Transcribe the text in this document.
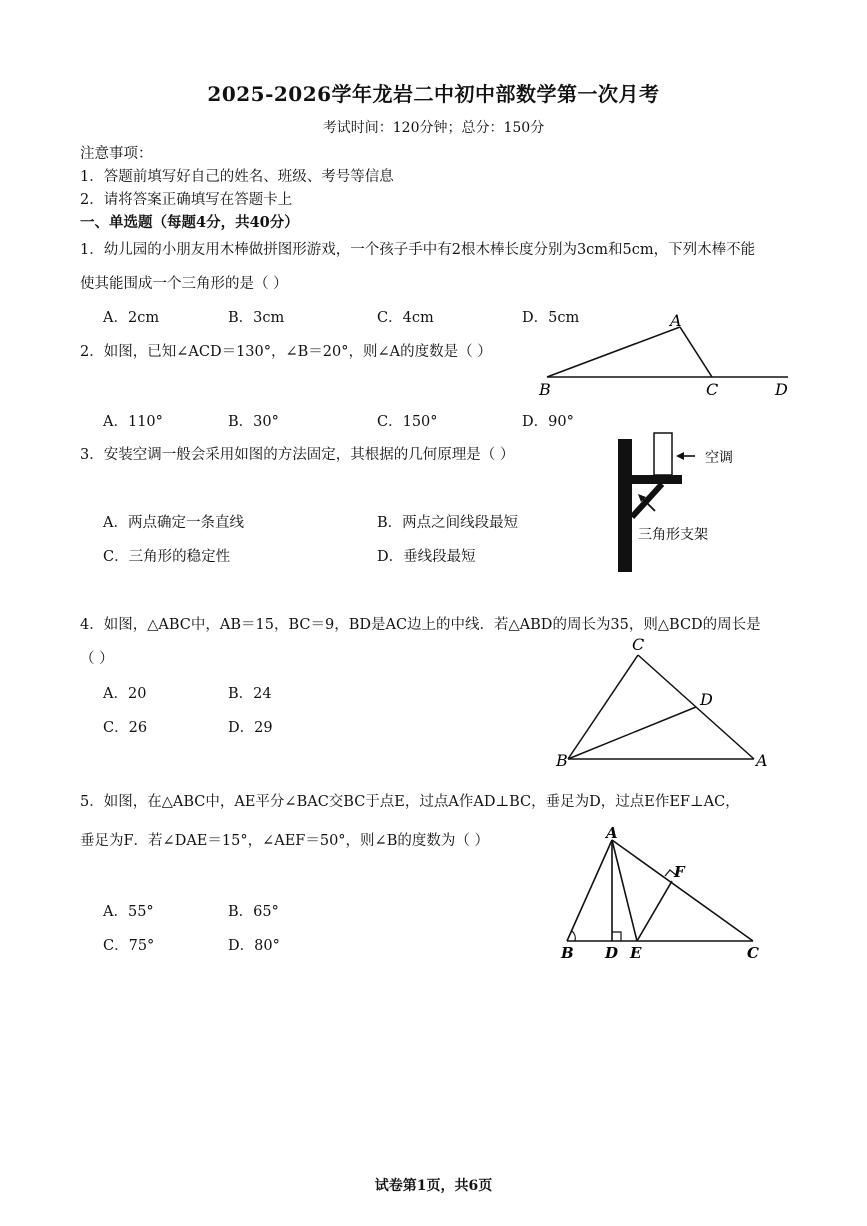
2025-2026学年龙岩二中初中部数学第一次月考
考试时间：120分钟；总分：150分
注意事项：
1．答题前填写好自己的姓名、班级、考号等信息
2．请将答案正确填写在答题卡上
一、单选题（每题4分，共40分）
1．幼儿园的小朋友用木棒做拼图形游戏，一个孩子手中有2根木棒长度分别为3cm和5cm，下列木棒不能
使其能围成一个三角形的是（ ）
A．2cm	B．3cm	C．4cm	D．5cm
2．如图，已知∠ACD＝130°，∠B＝20°，则∠A的度数是（ ）
A
B	C	D
A．110°	B．30°	C．150°	D．90°
3．安装空调一般会采用如图的方法固定，其根据的几何原理是（ ）
A．两点确定一条直线	B．两点之间线段最短
C．三角形的稳定性	D．垂线段最短
空调
三角形支架
4．如图，△ABC中，AB＝15，BC＝9，BD是AC边上的中线．若△ABD的周长为35，则△BCD的周长是
（ ）
A．20	B．24
C．26	D．29
C
D
B	A
5．如图，在△ABC中，AE平分∠BAC交BC于点E，过点A作AD⊥BC，垂足为D，过点E作EF⊥AC，
垂足为F．若∠DAE＝15°，∠AEF＝50°，则∠B的度数为（ ）
A．55°	B．65°
C．75°	D．80°
A
F
B D E	C
试卷第1页，共6页
